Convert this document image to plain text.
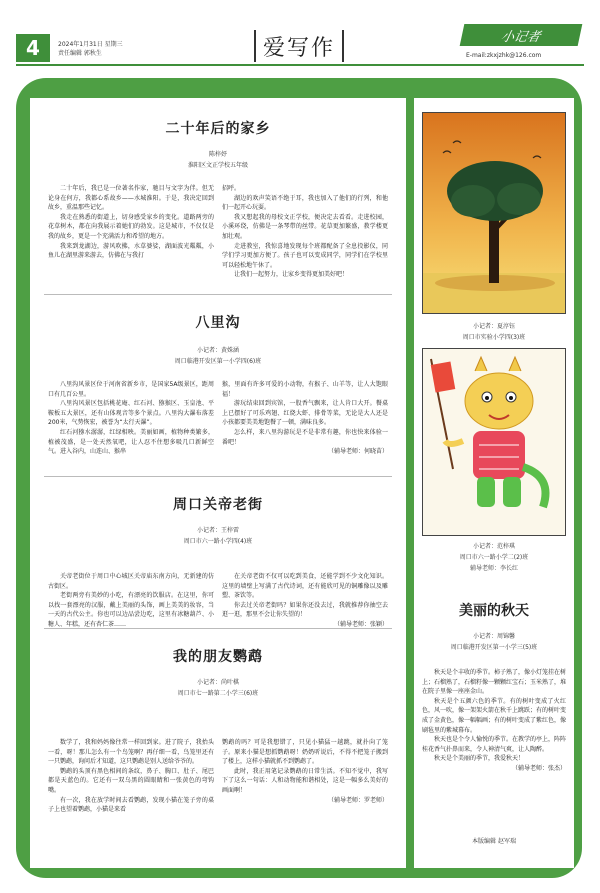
4	2024年1月31日 星期三
责任编辑 郭秋生	爱写作	小记者
E-mail:zkxjzhk@126.com
二十年后的家乡
陈梓妤
淮阳区文正学校五年级

二十年后，我已是一位著名作家，驰目与文字为伴。但无论身在何方，我都心系故乡——水城淮阳。于是，我决定回到故乡，重温那些记忆。

我走在熟悉的街道上，切身感受家乡的变化。道路两旁的花草树木，都在向我展示着她们的勃发。这是城市，不仅仅是我的故乡，更是一个充满活力和希望的地方。

我来到龙湖边，游风吹拂，水草婆娑，湖面波光粼粼，小鱼儿在湖里游来游去，仿佛在与我打

招呼。

湖边的欢声笑语不绝于耳，我也加入了他们的行列，和他们一起开心玩耍。

我又想起我的母校文正学校，便决定去看看。走进校园，小溪环绕，仿佛是一条琴带的丝带。花草更加繁盛，教学楼更加壮观。

走进教室，我惊喜地发现每个班都配备了全息投影仪，同学们学习更加方便了。孩子也可以变成同学，同学们在学校里可以轻松地午休了。

让我们一起努力，让家乡变得更加美好吧！

八里沟
小记者：黄姝涵
周口临港开发区第一小学四(6)班

八里沟风景区位于河南省新乡市，是国家5A级景区，距周口有几百公里。

八里沟风景区包括桃花庵、红石河、猕猴区、玉皇池、平鞍板五大景区，还有山体观音等多个景点。八里沟大瀑布落差200米，气势恢宏，被誉为“太行天瀑”。

红石河猕水潺潺，红绿相映。美丽如画，植物种类繁多，植被茂盛，是一处天然氧吧，让人忍不住想多吸几口新鲜空气。进入谷内，山连山、猴串

猴，里面有许多可爱的小动物，有猴子、山羊等，让人大饱眼福！

游玩结束回到宾馆，一股香气飘来，让人肯口大开。餐桌上已摆好了可乐鸡翅、红烧大虾、排骨等菜，无论是大人还是小孩都要美美地饱餐了一顿，满味良多。

怎么样，来八里沟游玩是不是非常有趣，你也快来体验一番吧！

（辅导老师：何晓苗）

周口关帝老街
小记者：王梓雷
周口市六一路小学四(4)班

关帝老街位于周口中心城区关帝庙东南方向，无新建的仿古街区。

老街两旁有美妙的小吃，有漂亮的饮服店。在这里，你可以找一套漂亮的汉服，戴上美丽的头饰，画上美美的妆容，当一天的古代公主。你也可以边品尝边吃，这里有冰糖葫芦、小糖人、年糕，还有杏仁茶……

在关帝老街不仅可以吃到美食，还能学到不少文化知识。这里的墙壁上写满了古代诗词，还有能欣可见的铜雕像以及雕塑、茶饮等。

你去过关帝老街吗？如果你还没去过，我就推荐你抽空去逛一逛，那里不会让你失望的！

（辅导老师：张颖）

我的朋友鹦鹉
小记者：尚叶棋
周口市七一路第二小学三(6)班

数学了，我和妈妈像往常一样回到家。进了院子，我抬头一看，呀！那儿怎么有一个鸟笼啊？再仔细一看，鸟笼里还有一只鹦鹉，询问后才知道，这只鹦鹉是别人送给爷爷的。

鹦鹉的头顶有黑色相间的条纹，鼻子、胸口、肚子、尾巴都是天蓝色的。它还有一双乌黑的圆眼睛和一张黄色的弯钩嘴。

有一次，我在放学时间去看鹦鹉，发现小猫在笼子旁的桌子上也望着鹦鹉，小猫是来看

鹦鹉的吗？可是我想错了，只见小猫猛一越跳，就扑向了笼子。原来小猫是想抓鹦鹉呀！奶奶听说后，不得不把笼子搬到了楼上，这样小猫就抓不到鹦鹉了。

此时，我正用笔记录鹦鹉的日常生活。不知不觉中，我写下了这么一句话：人和动物能和谐相处，这是一幅多么美好的画面啊！

（辅导老师：罗老师）

小记者：夏淳钰
周口市实验小学四(3)班
小记者：范梓琪
周口市六一路小学二(2)班
辅导老师：李长红
美丽的秋天
小记者：周锦馨
周口临港开发区第一小学三(5)班

秋天是个丰收的季节。柿子熟了，像小灯笼挂在树上；石榴熟了，石榴籽像一颗颗红宝石；玉米熟了，堆在院子里像一座座金山。

秋天是个五颜六色的季节。有的树叶变成了火红色，风一吹，像一架架火箭在秋千上跳跃；有的树叶变成了金黄色，像一幅幅画；有的树叶变成了紫红色，像刷毡里的紫城幕布。

秋天也是个令人愉悦的季节。在教学的亭上，阵阵桂花香气扑鼻而来，令人神清气爽，让人陶醉。

秋天是个美丽的季节，我爱秋天！

（辅导老师：张杰）

本版编辑 赵军瑞
